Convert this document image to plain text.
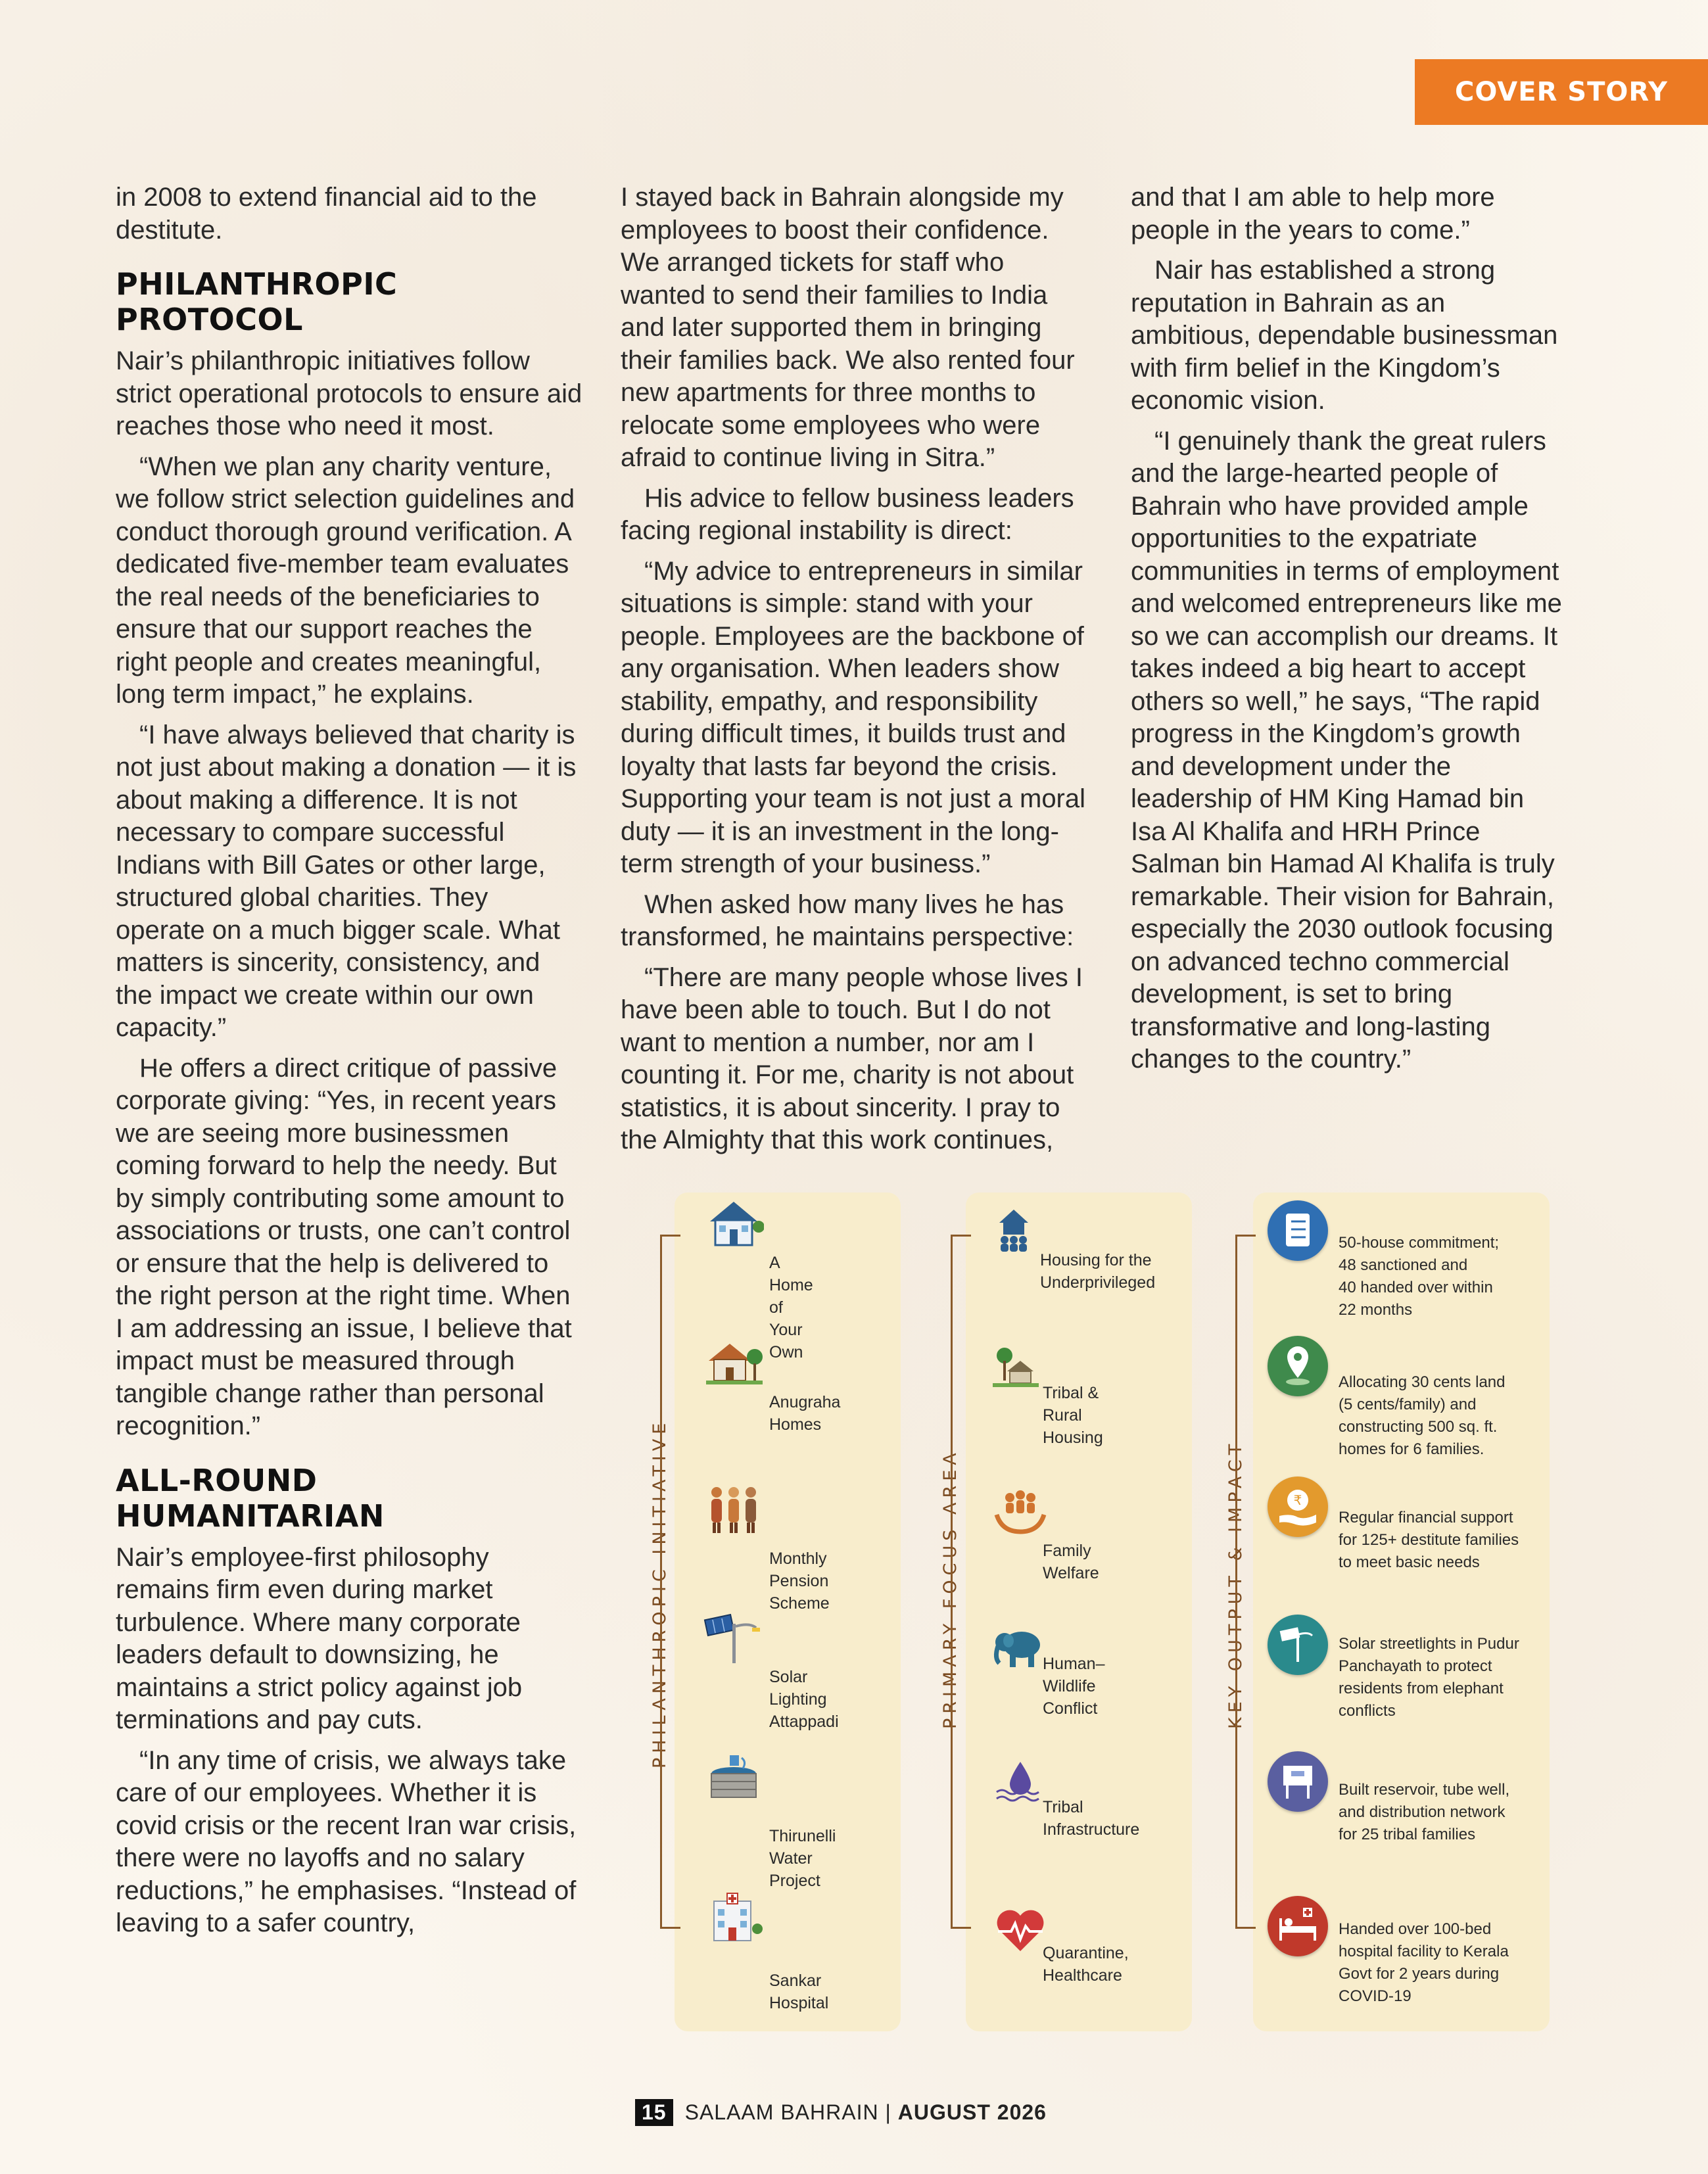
COVER STORY

in 2008 to extend financial aid to the destitute.

PHILANTHROPIC PROTOCOL

Nair’s philanthropic initiatives follow strict operational protocols to ensure aid reaches those who need it most.

“When we plan any charity venture, we follow strict selection guidelines and conduct thorough ground verification. A dedicated five-member team evaluates the real needs of the beneficiaries to ensure that our support reaches the right people and creates meaningful, long term impact,” he explains.

“I have always believed that charity is not just about making a donation — it is about making a difference. It is not necessary to compare successful Indians with Bill Gates or other large, structured global charities. They operate on a much bigger scale. What matters is sincerity, consistency, and the impact we create within our own capacity.”

He offers a direct critique of passive corporate giving: “Yes, in recent years we are seeing more businessmen coming forward to help the needy. But by simply contributing some amount to associations or trusts, one can’t control or ensure that the help is delivered to the right person at the right time. When I am addressing an issue, I believe that impact must be measured through tangible change rather than personal recognition.”

ALL-ROUND HUMANITARIAN

Nair’s employee-first philosophy remains firm even during market turbulence. Where many corporate leaders default to downsizing, he maintains a strict policy against job terminations and pay cuts.

“In any time of crisis, we always take care of our employees. Whether it is covid crisis or the recent Iran war crisis, there were no layoffs and no salary reductions,” he emphasises. “Instead of leaving to a safer country,

I stayed back in Bahrain alongside my employees to boost their confidence. We arranged tickets for staff who wanted to send their families to India and later supported them in bringing their families back. We also rented four new apartments for three months to relocate some employees who were afraid to continue living in Sitra.”

His advice to fellow business leaders facing regional instability is direct:

“My advice to entrepreneurs in similar situations is simple: stand with your people. Employees are the backbone of any organisation. When leaders show stability, empathy, and responsibility during difficult times, it builds trust and loyalty that lasts far beyond the crisis. Supporting your team is not just a moral duty — it is an investment in the long-term strength of your business.”

When asked how many lives he has transformed, he maintains perspective:

“There are many people whose lives I have been able to touch. But I do not want to mention a number, nor am I counting it. For me, charity is not about statistics, it is about sincerity. I pray to the Almighty that this work continues,

and that I am able to help more people in the years to come.”

Nair has established a strong reputation in Bahrain as an ambitious, dependable businessman with firm belief in the Kingdom’s economic vision.

“I genuinely thank the great rulers and the large-hearted people of Bahrain who have provided ample opportunities to the expatriate communities in terms of employment and welcomed entrepreneurs like me so we can accomplish our dreams. It takes indeed a big heart to accept others so well,” he says, “The rapid progress in the Kingdom’s growth and development under the leadership of HM King Hamad bin Isa Al Khalifa and HRH Prince Salman bin Hamad Al Khalifa is truly remarkable. Their vision for Bahrain, especially the 2030 outlook focusing on advanced techno commercial development, is set to bring transformative and long-lasting changes to the country.”

PHILANTHROPIC INITIATIVE	PRIMARY FOCUS AREA	KEY OUTPUT & IMPACT
A Home of
Your Own
Anugraha
Homes
Monthly
Pension Scheme
Solar Lighting
Attappadi
Thirunelli
Water Project
Sankar
Hospital
Housing for the
Underprivileged
Tribal & Rural
Housing
Family
Welfare
Human–Wildlife
Conflict
Tribal
Infrastructure
Quarantine,
Healthcare
50-house commitment;
48 sanctioned and
40 handed over within
22 months
Allocating 30 cents land
(5 cents/family) and
constructing 500 sq. ft.
homes for 6 families.
₹
Regular financial support
for 125+ destitute families
to meet basic needs
Solar streetlights in Pudur
Panchayath to protect
residents from elephant
conflicts
Built reservoir, tube well,
and distribution network
for 25 tribal families
Handed over 100-bed
hospital facility to Kerala
Govt for 2 years during
COVID-19
15 SALAAM BAHRAIN | AUGUST 2026
